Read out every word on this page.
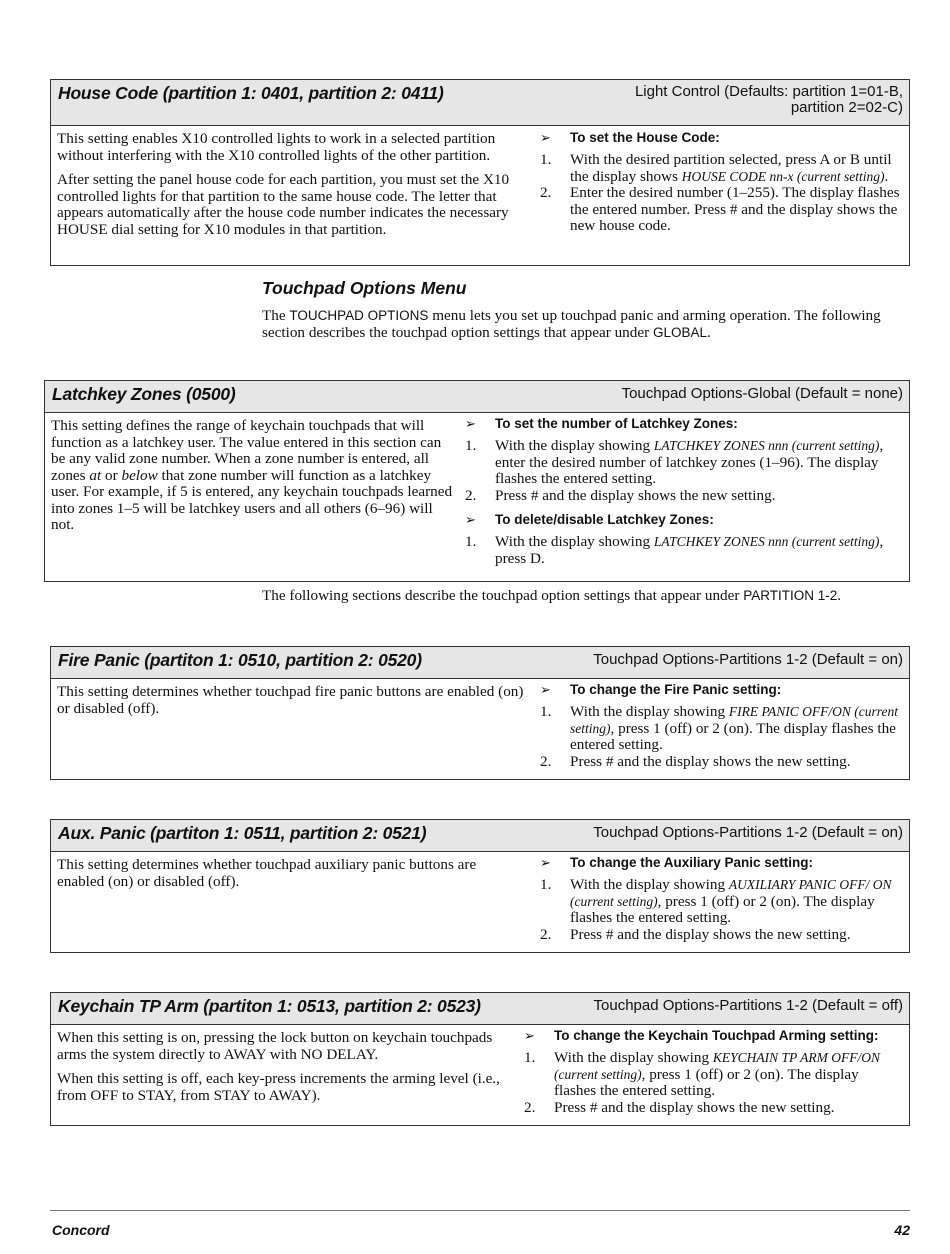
House Code (partition 1: 0401, partition 2: 0411)	Light Control (Defaults: partition 1=01-B,
partition 2=02-C)

This setting enables X10 controlled lights to work in a selected partition without interfering with the X10 controlled lights of the other partition.

After setting the panel house code for each partition, you must set the X10 controlled lights for that partition to the same house code. The letter that appears automatically after the house code number indicates the necessary HOUSE dial setting for X10 modules in that partition.

➢ To set the House Code:

1. With the desired partition selected, press A or B until the display shows HOUSE CODE nn-x (current setting).

2. Enter the desired number (1–255). The display flashes the entered number. Press # and the display shows the new house code.

Touchpad Options Menu
The TOUCHPAD OPTIONS menu lets you set up touchpad panic and arming operation. The following section describes the touchpad option settings that appear under GLOBAL.
Latchkey Zones (0500)	Touchpad Options-Global (Default = none)

This setting defines the range of keychain touchpads that will function as a latchkey user. The value entered in this section can be any valid zone number. When a zone number is entered, all zones at or below that zone number will function as a latchkey user. For example, if 5 is entered, any keychain touchpads learned into zones 1–5 will be latchkey users and all others (6–96) will not.

➢ To set the number of Latchkey Zones:

1. With the display showing LATCHKEY ZONES nnn (current setting), enter the desired number of latchkey zones (1–96). The display flashes the entered setting.

2. Press # and the display shows the new setting.

➢ To delete/disable Latchkey Zones:

1. With the display showing LATCHKEY ZONES nnn (current setting), press D.

The following sections describe the touchpad option settings that appear under PARTITION 1-2.
Fire Panic (partiton 1: 0510, partition 2: 0520)	Touchpad Options-Partitions 1-2 (Default = on)

This setting determines whether touchpad fire panic buttons are enabled (on) or disabled (off).

➢ To change the Fire Panic setting:

1. With the display showing FIRE PANIC OFF/ON (current setting), press 1 (off) or 2 (on). The display flashes the entered setting.

2. Press # and the display shows the new setting.

Aux. Panic (partiton 1: 0511, partition 2: 0521)	Touchpad Options-Partitions 1-2 (Default = on)

This setting determines whether touchpad auxiliary panic buttons are enabled (on) or disabled (off).

➢ To change the Auxiliary Panic setting:

1. With the display showing AUXILIARY PANIC OFF/ ON (current setting), press 1 (off) or 2 (on). The display flashes the entered setting.

2. Press # and the display shows the new setting.

Keychain TP Arm (partiton 1: 0513, partition 2: 0523)	Touchpad Options-Partitions 1-2 (Default = off)

When this setting is on, pressing the lock button on keychain touchpads arms the system directly to AWAY with NO DELAY.

When this setting is off, each key-press increments the arming level (i.e., from OFF to STAY, from STAY to AWAY).

➢ To change the Keychain Touchpad Arming setting:

1. With the display showing KEYCHAIN TP ARM OFF/ON (current setting), press 1 (off) or 2 (on). The display flashes the entered setting.

2. Press # and the display shows the new setting.

Concord	42
